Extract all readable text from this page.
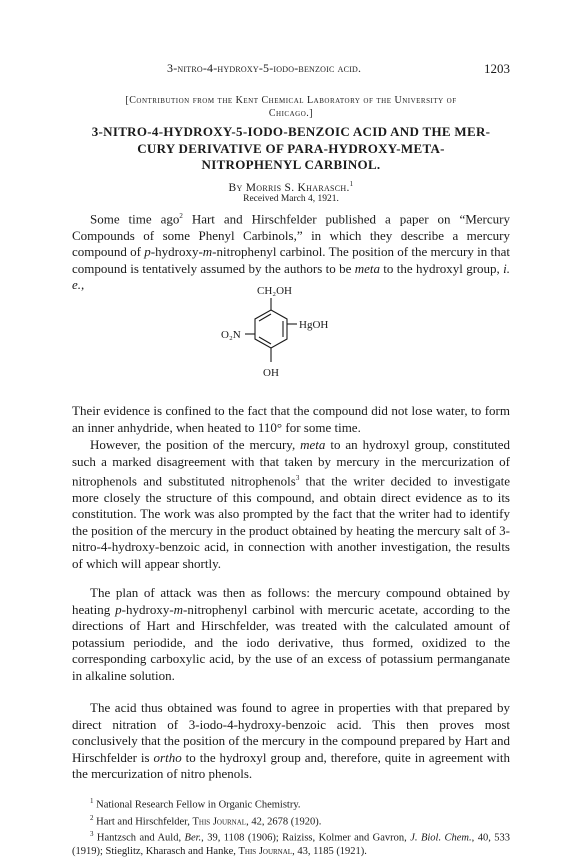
3-nitro-4-hydroxy-5-iodo-benzoic acid.	1203
[Contribution from the Kent Chemical Laboratory of the University of
Chicago.]
3-NITRO-4-HYDROXY-5-IODO-BENZOIC ACID AND THE MER-
CURY DERIVATIVE OF PARA-HYDROXY-META-
NITROPHENYL CARBINOL.
By Morris S. Kharasch.$^1$
Received March 4, 1921.

Some time ago$^2$ Hart and Hirschfelder published a paper on “Mercury Compounds of some Phenyl Carbinols,” in which they describe a mercury compound of p-hydroxy-m-nitrophenyl carbinol. The position of the mercury in that compound is tentatively assumed by the authors to be meta to the hydroxyl group, i. e.,	CH₂OH
HgOH
O₂N
OH

Their evidence is confined to the fact that the compound did not lose water, to form an inner anhydride, when heated to 110° for some time.

However, the position of the mercury, meta to an hydroxyl group, constituted such a marked disagreement with that taken by mercury in the mercurization of nitrophenols and substituted nitrophenols$^3$ that the writer decided to investigate more closely the structure of this compound, and obtain direct evidence as to its constitution. The work was also prompted by the fact that the writer had to identify the position of the mercury in the product obtained by heating the mercury salt of 3-nitro-4-hydroxy-benzoic acid, in connection with another investigation, the results of which will appear shortly.

The plan of attack was then as follows: the mercury compound obtained by heating p-hydroxy-m-nitrophenyl carbinol with mercuric acetate, according to the directions of Hart and Hirschfelder, was treated with the calculated amount of potassium periodide, and the iodo derivative, thus formed, oxidized to the corresponding carboxylic acid, by the use of an excess of potassium permanganate in alkaline solution.

The acid thus obtained was found to agree in properties with that prepared by direct nitration of 3-iodo-4-hydroxy-benzoic acid. This then proves most conclusively that the position of the mercury in the compound prepared by Hart and Hirschfelder is ortho to the hydroxyl group and, therefore, quite in agreement with the mercurization of nitro phenols.

$^1$ National Research Fellow in Organic Chemistry.

$^2$ Hart and Hirschfelder, This Journal, 42, 2678 (1920).

$^3$ Hantzsch and Auld, Ber., 39, 1108 (1906); Raiziss, Kolmer and Gavron, J. Biol. Chem., 40, 533 (1919); Stieglitz, Kharasch and Hanke, This Journal, 43, 1185 (1921).
